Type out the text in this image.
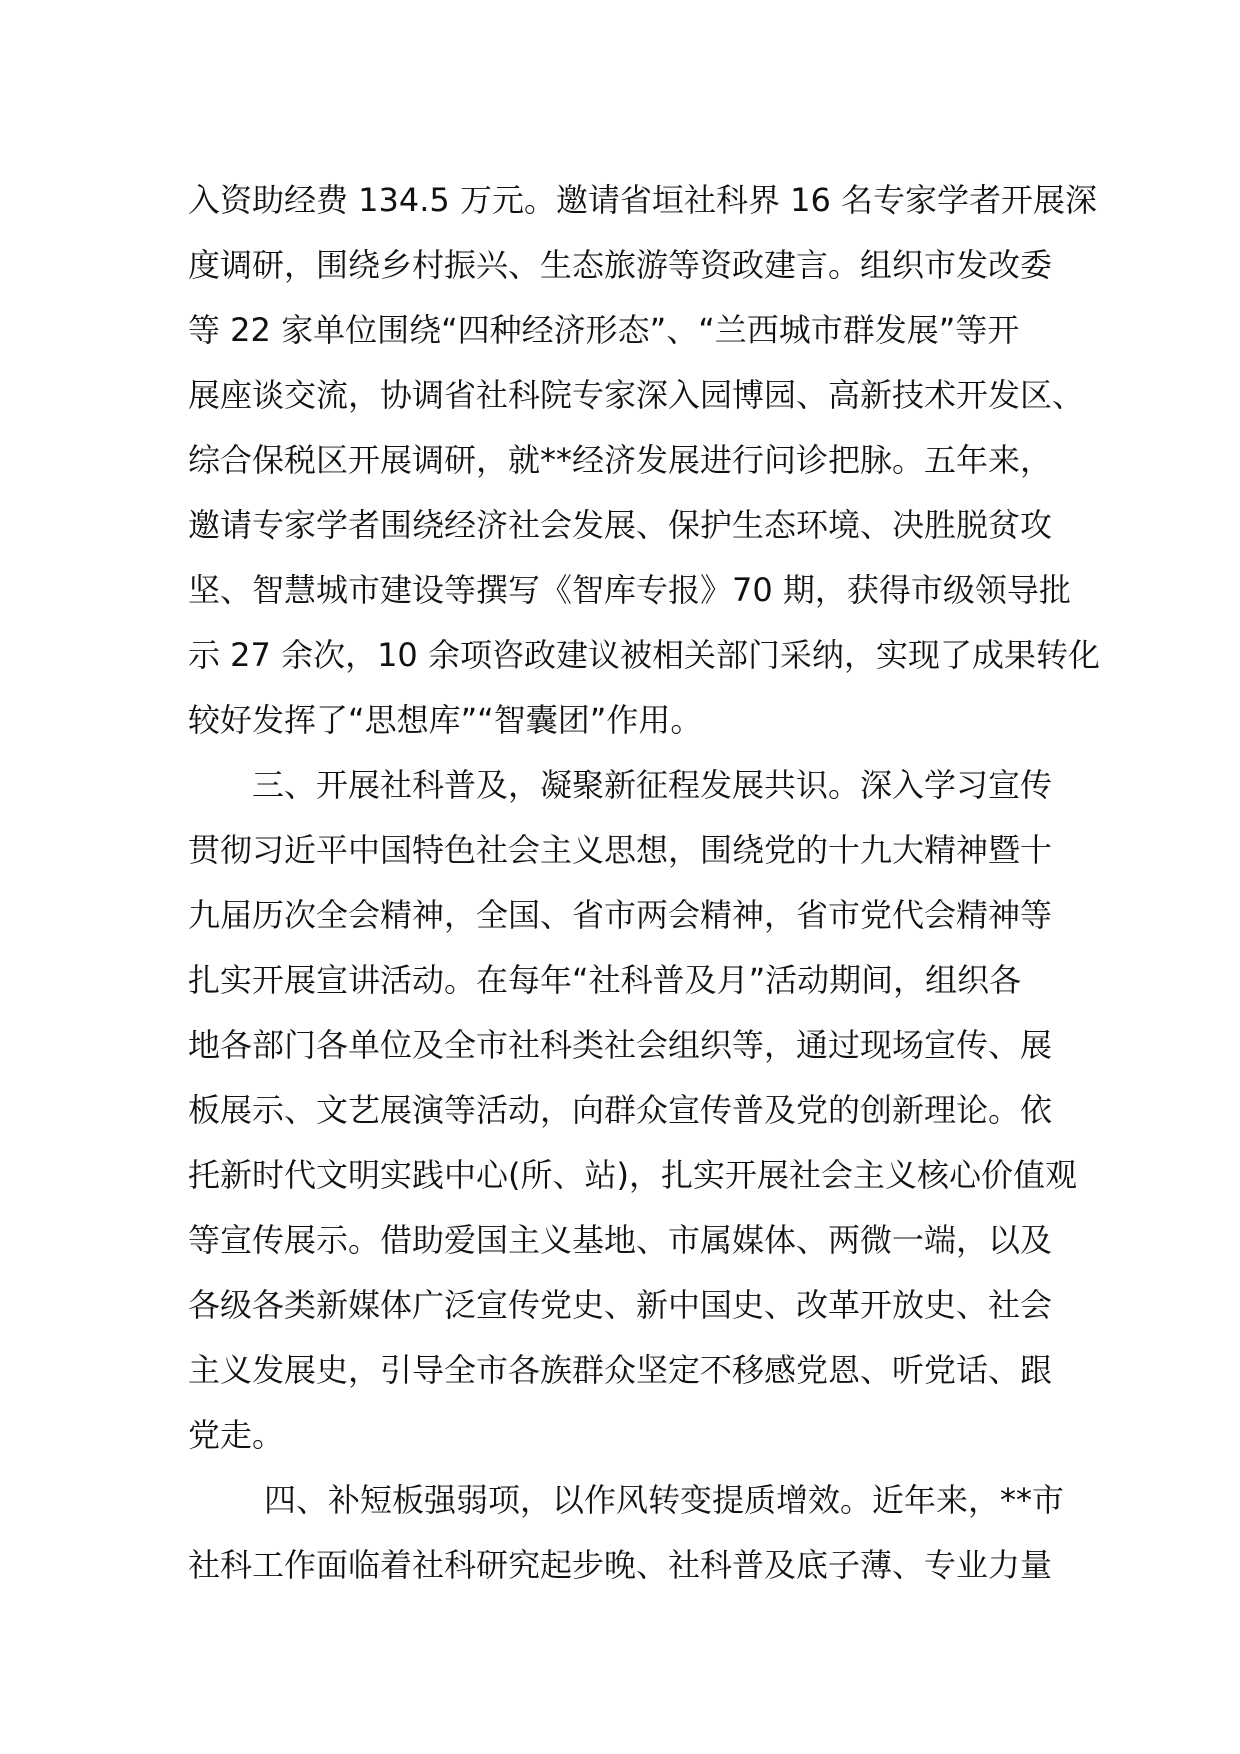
入资助经费 134.5 万元。邀请省垣社科界 16 名专家学者开展深
度调研，围绕乡村振兴、生态旅游等资政建言。组织市发改委
等 22 家单位围绕“四种经济形态”、“兰西城市群发展”等开
展座谈交流，协调省社科院专家深入园博园、高新技术开发区、
综合保税区开展调研，就**经济发展进行问诊把脉。五年来，
邀请专家学者围绕经济社会发展、保护生态环境、决胜脱贫攻
坚、智慧城市建设等撰写《智库专报》70 期，获得市级领导批
示 27 余次，10 余项咨政建议被相关部门采纳，实现了成果转化
较好发挥了“思想库”“智囊团”作用。
三、开展社科普及，凝聚新征程发展共识。深入学习宣传
贯彻习近平中国特色社会主义思想，围绕党的十九大精神暨十
九届历次全会精神，全国、省市两会精神，省市党代会精神等
扎实开展宣讲活动。在每年“社科普及月”活动期间，组织各
地各部门各单位及全市社科类社会组织等，通过现场宣传、展
板展示、文艺展演等活动，向群众宣传普及党的创新理论。依
托新时代文明实践中心(所、站)，扎实开展社会主义核心价值观
等宣传展示。借助爱国主义基地、市属媒体、两微一端，以及
各级各类新媒体广泛宣传党史、新中国史、改革开放史、社会
主义发展史，引导全市各族群众坚定不移感党恩、听党话、跟
党走。
四、补短板强弱项，以作风转变提质增效。近年来，**市
社科工作面临着社科研究起步晚、社科普及底子薄、专业力量
